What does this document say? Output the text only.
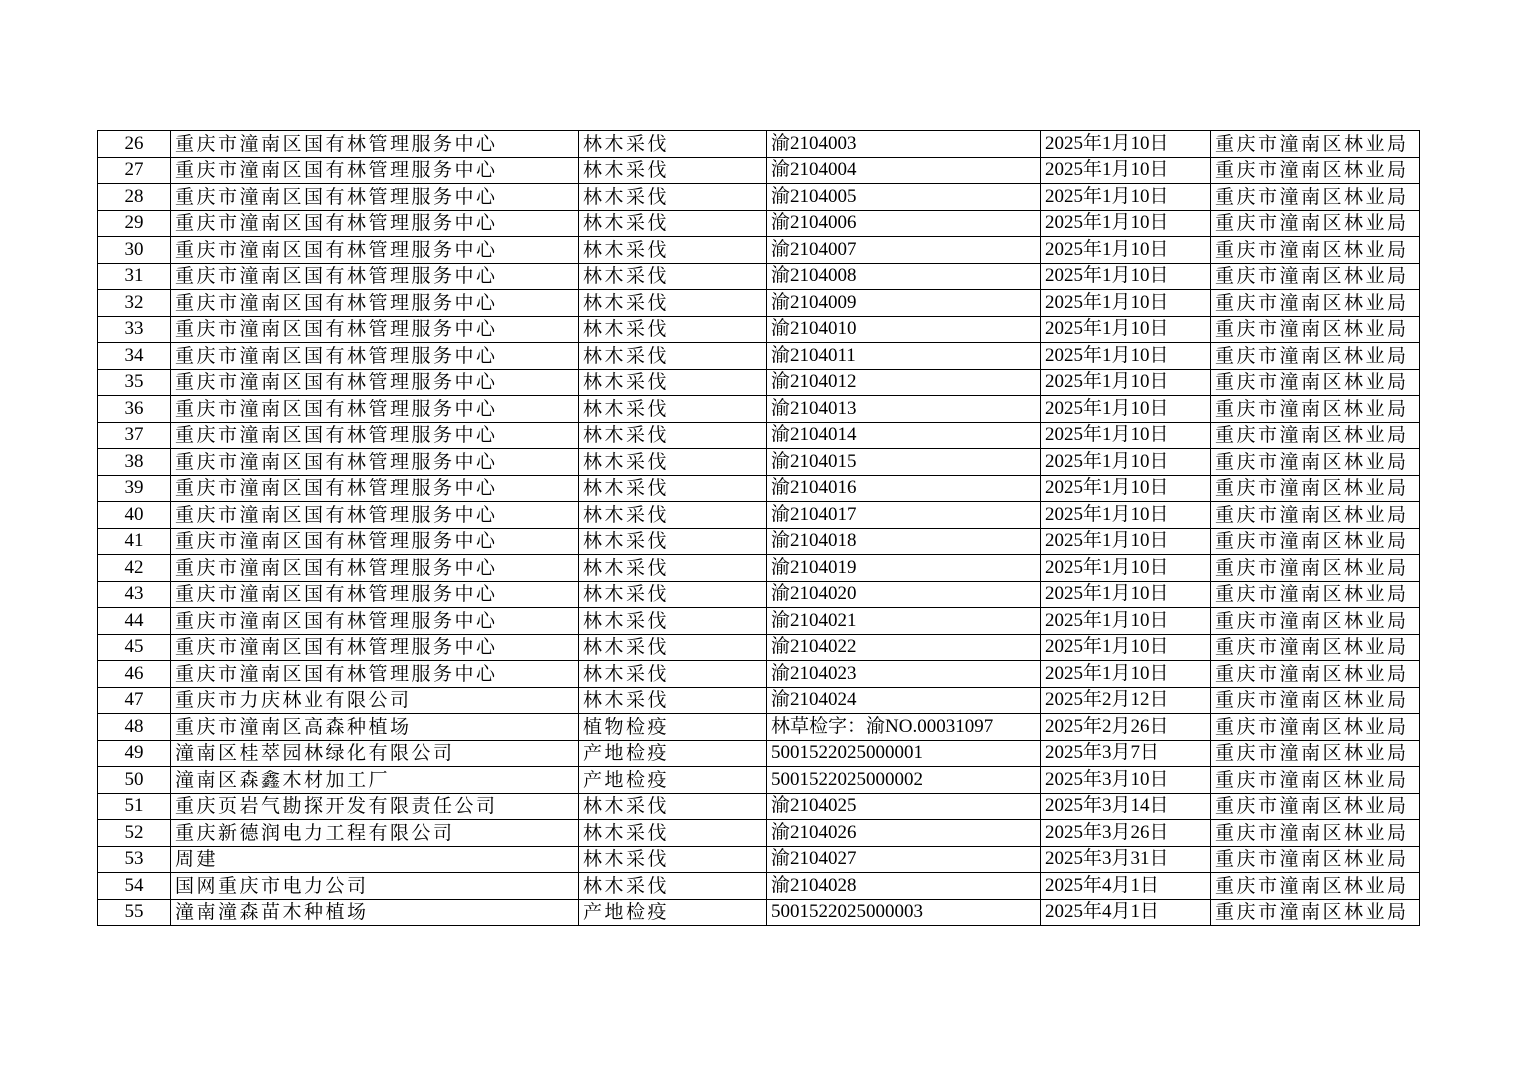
26	重庆市潼南区国有林管理服务中心	林木采伐	渝2104003	2025年1月10日	重庆市潼南区林业局
27	重庆市潼南区国有林管理服务中心	林木采伐	渝2104004	2025年1月10日	重庆市潼南区林业局
28	重庆市潼南区国有林管理服务中心	林木采伐	渝2104005	2025年1月10日	重庆市潼南区林业局
29	重庆市潼南区国有林管理服务中心	林木采伐	渝2104006	2025年1月10日	重庆市潼南区林业局
30	重庆市潼南区国有林管理服务中心	林木采伐	渝2104007	2025年1月10日	重庆市潼南区林业局
31	重庆市潼南区国有林管理服务中心	林木采伐	渝2104008	2025年1月10日	重庆市潼南区林业局
32	重庆市潼南区国有林管理服务中心	林木采伐	渝2104009	2025年1月10日	重庆市潼南区林业局
33	重庆市潼南区国有林管理服务中心	林木采伐	渝2104010	2025年1月10日	重庆市潼南区林业局
34	重庆市潼南区国有林管理服务中心	林木采伐	渝2104011	2025年1月10日	重庆市潼南区林业局
35	重庆市潼南区国有林管理服务中心	林木采伐	渝2104012	2025年1月10日	重庆市潼南区林业局
36	重庆市潼南区国有林管理服务中心	林木采伐	渝2104013	2025年1月10日	重庆市潼南区林业局
37	重庆市潼南区国有林管理服务中心	林木采伐	渝2104014	2025年1月10日	重庆市潼南区林业局
38	重庆市潼南区国有林管理服务中心	林木采伐	渝2104015	2025年1月10日	重庆市潼南区林业局
39	重庆市潼南区国有林管理服务中心	林木采伐	渝2104016	2025年1月10日	重庆市潼南区林业局
40	重庆市潼南区国有林管理服务中心	林木采伐	渝2104017	2025年1月10日	重庆市潼南区林业局
41	重庆市潼南区国有林管理服务中心	林木采伐	渝2104018	2025年1月10日	重庆市潼南区林业局
42	重庆市潼南区国有林管理服务中心	林木采伐	渝2104019	2025年1月10日	重庆市潼南区林业局
43	重庆市潼南区国有林管理服务中心	林木采伐	渝2104020	2025年1月10日	重庆市潼南区林业局
44	重庆市潼南区国有林管理服务中心	林木采伐	渝2104021	2025年1月10日	重庆市潼南区林业局
45	重庆市潼南区国有林管理服务中心	林木采伐	渝2104022	2025年1月10日	重庆市潼南区林业局
46	重庆市潼南区国有林管理服务中心	林木采伐	渝2104023	2025年1月10日	重庆市潼南区林业局
47	重庆市力庆林业有限公司	林木采伐	渝2104024	2025年2月12日	重庆市潼南区林业局
48	重庆市潼南区高森种植场	植物检疫	林草检字：渝NO.00031097	2025年2月26日	重庆市潼南区林业局
49	潼南区桂萃园林绿化有限公司	产地检疫	5001522025000001	2025年3月7日	重庆市潼南区林业局
50	潼南区森鑫木材加工厂	产地检疫	5001522025000002	2025年3月10日	重庆市潼南区林业局
51	重庆页岩气勘探开发有限责任公司	林木采伐	渝2104025	2025年3月14日	重庆市潼南区林业局
52	重庆新德润电力工程有限公司	林木采伐	渝2104026	2025年3月26日	重庆市潼南区林业局
53	周建	林木采伐	渝2104027	2025年3月31日	重庆市潼南区林业局
54	国网重庆市电力公司	林木采伐	渝2104028	2025年4月1日	重庆市潼南区林业局
55	潼南潼森苗木种植场	产地检疫	5001522025000003	2025年4月1日	重庆市潼南区林业局
